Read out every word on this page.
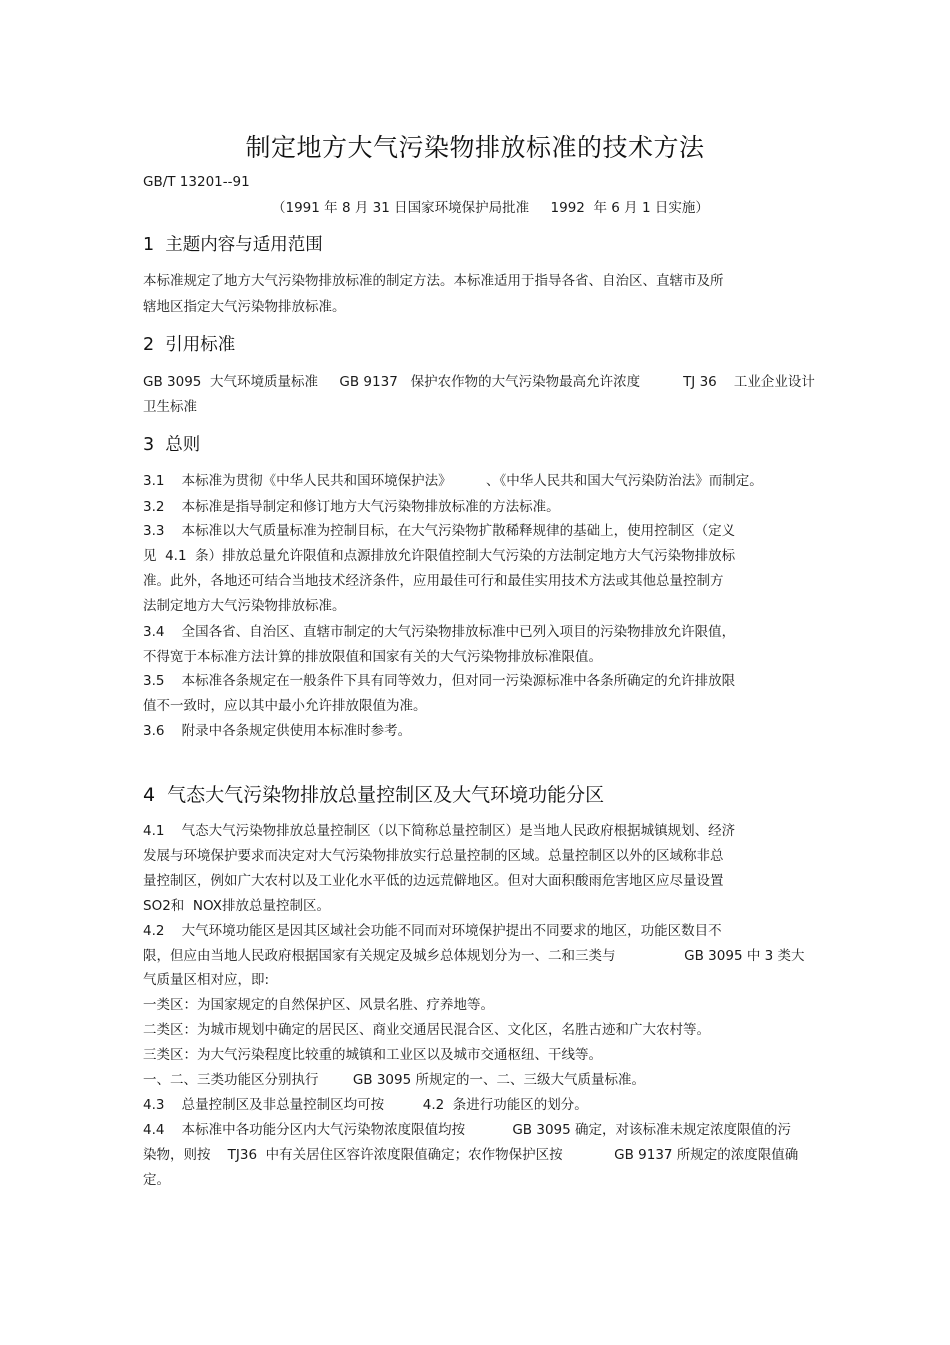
制定地方大气污染物排放标准的技术方法
GB/T 13201--91
（1991 年 8 月 31 日国家环境保护局批准     1992  年 6 月 1 日实施）
1  主题内容与适用范围
本标准规定了地方大气污染物排放标准的制定方法。本标准适用于指导各省、自治区、直辖市及所
辖地区指定大气污染物排放标准。
2  引用标准
GB 3095  大气环境质量标准     GB 9137   保护农作物的大气污染物最高允许浓度          TJ 36    工业企业设计
卫生标准
3  总则
3.1    本标准为贯彻《中华人民共和国环境保护法》        、《中华人民共和国大气污染防治法》而制定。
3.2    本标准是指导制定和修订地方大气污染物排放标准的方法标准。
3.3    本标准以大气质量标准为控制目标，在大气污染物扩散稀释规律的基础上，使用控制区（定义
见  4.1  条）排放总量允许限值和点源排放允许限值控制大气污染的方法制定地方大气污染物排放标
准。此外，各地还可结合当地技术经济条件，应用最佳可行和最佳实用技术方法或其他总量控制方
法制定地方大气污染物排放标准。
3.4    全国各省、自治区、直辖市制定的大气污染物排放标准中已列入项目的污染物排放允许限值，
不得宽于本标准方法计算的排放限值和国家有关的大气污染物排放标准限值。
3.5    本标准各条规定在一般条件下具有同等效力，但对同一污染源标准中各条所确定的允许排放限
值不一致时，应以其中最小允许排放限值为准。
3.6    附录中各条规定供使用本标准时参考。
4  气态大气污染物排放总量控制区及大气环境功能分区
4.1    气态大气污染物排放总量控制区（以下简称总量控制区）是当地人民政府根据城镇规划、经济
发展与环境保护要求而决定对大气污染物排放实行总量控制的区域。总量控制区以外的区域称非总
量控制区，例如广大农村以及工业化水平低的边远荒僻地区。但对大面积酸雨危害地区应尽量设置
SO2和  NOX排放总量控制区。
4.2    大气环境功能区是因其区域社会功能不同而对环境保护提出不同要求的地区，功能区数目不
限，但应由当地人民政府根据国家有关规定及城乡总体规划分为一、二和三类与                GB 3095 中 3 类大
气质量区相对应，即:
一类区：为国家规定的自然保护区、风景名胜、疗养地等。
二类区：为城市规划中确定的居民区、商业交通居民混合区、文化区，名胜古迹和广大农村等。
三类区：为大气污染程度比较重的城镇和工业区以及城市交通枢纽、干线等。
一、二、三类功能区分别执行        GB 3095 所规定的一、二、三级大气质量标准。
4.3    总量控制区及非总量控制区均可按         4.2  条进行功能区的划分。
4.4    本标准中各功能分区内大气污染物浓度限值均按           GB 3095 确定，对该标准未规定浓度限值的污
染物，则按    TJ36  中有关居住区容许浓度限值确定；农作物保护区按            GB 9137 所规定的浓度限值确
定。
